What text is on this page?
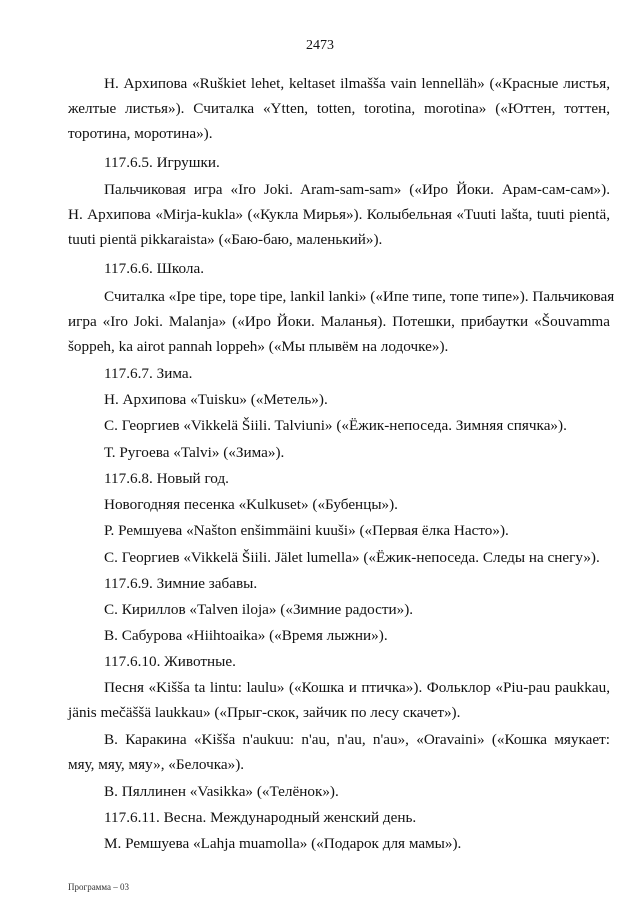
2473

Н. Архипова «Ruškiet lehet, keltaset ilmaššа vain lennelläh» («Красные листья,
желтые листья»). Считалка «Ytten, totten, torotina, morotina» («Юттен, тоттен,
торотина, моротина»).

117.6.5. Игрушки.

Пальчиковая игра «Iro Joki. Aram-sam-sam» («Иро Йоки. Арам-сам-сам»).
Н. Архипова «Mirja-kukla» («Кукла Мирья»). Колыбельная «Tuuti lašta, tuuti pientä,
tuuti pientä pikkaraista» («Баю-баю, маленький»).

117.6.6. Школа.

Считалка «Ipe tipe, tope tipe, lankil lanki» («Ипе типе, топе типе»). Пальчиковая
игра «Iro Joki. Malanja» («Иро Йоки. Маланья). Потешки, прибаутки «Šouvamma
šoppeh, ka airot pannah loppeh» («Мы плывём на лодочке»).

117.6.7. Зима.

Н. Архипова «Tuisku» («Метель»).

С. Георгиев «Vikkelä Šiili. Talviuni» («Ёжик-непоседа. Зимняя спячка»).

Т. Ругоева «Talvi» («Зима»).

117.6.8. Новый год.

Новогодняя песенка «Kulkuset» («Бубенцы»).

Р. Ремшуева «Našton enšimmäini kuuši» («Первая ёлка Насто»).

С. Георгиев «Vikkelä Šiili. Jälet lumella» («Ёжик-непоседа. Следы на снегу»).

117.6.9. Зимние забавы.

С. Кириллов «Talven iloja» («Зимние радости»).

В. Сабурова «Hiihtoaika» («Время лыжни»).

117.6.10. Животные.

Песня «Kišša ta lintu: laulu» («Кошка и птичка»). Фольклор «Piu-pau paukkau,
jänis mečäššä laukkau» («Прыг-скок, зайчик по лесу скачет»).

В. Каракина «Kišša n'aukuu: n'au, n'au, n'au», «Oravaini» («Кошка мяукает:
мяу, мяу, мяу», «Белочка»).

В. Пяллинен «Vasikka» («Телёнок»).

117.6.11. Весна. Международный женский день.

М. Ремшуева «Lahja muamolla» («Подарок для мамы»).

Программа – 03
